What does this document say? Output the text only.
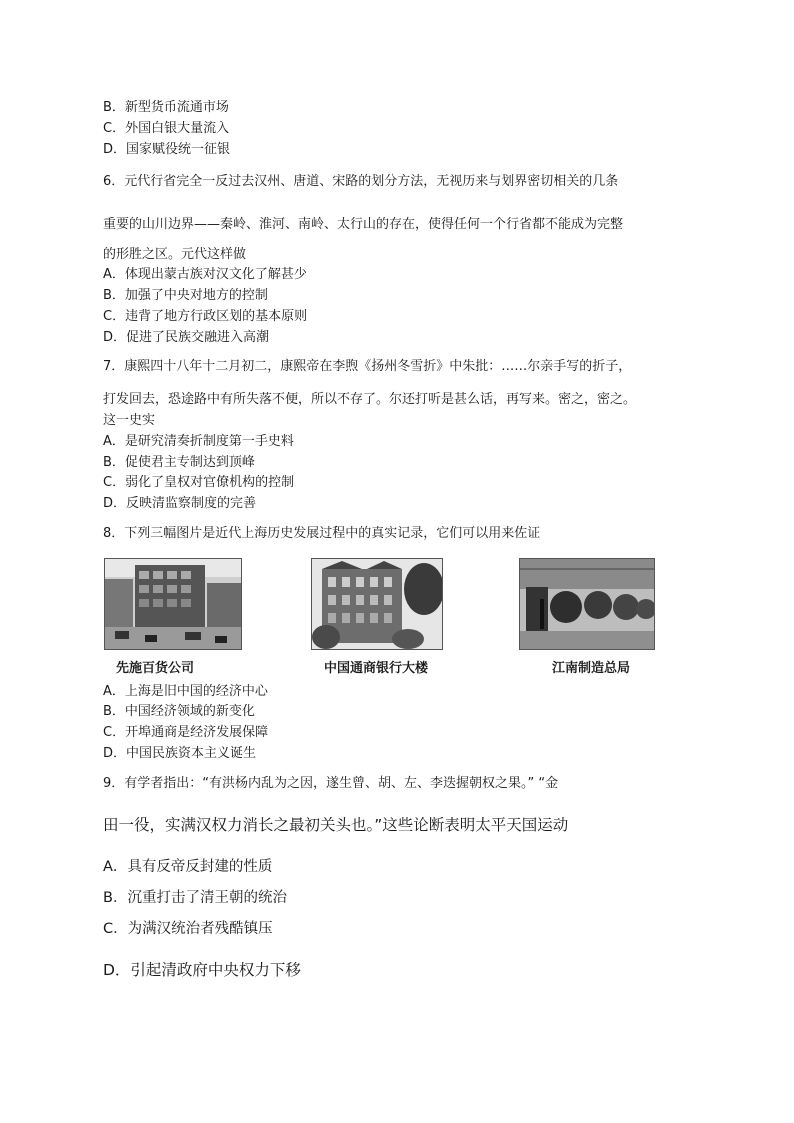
B．新型货币流通市场
C．外国白银大量流入
D．国家赋役统一征银
6．元代行省完全一反过去汉州、唐道、宋路的划分方法，无视历来与划界密切相关的几条
重要的山川边界——秦岭、淮河、南岭、太行山的存在，使得任何一个行省都不能成为完整
的形胜之区。元代这样做
A．体现出蒙古族对汉文化了解甚少
B．加强了中央对地方的控制
C．违背了地方行政区划的基本原则
D．促进了民族交融进入高潮
7．康熙四十八年十二月初二，康熙帝在李煦《扬州冬雪折》中朱批：……尔亲手写的折子，
打发回去，恐途路中有所失落不便，所以不存了。尔还打听是甚么话，再写来。密之，密之。
这一史实
A．是研究清奏折制度第一手史料
B．促使君主专制达到顶峰
C．弱化了皇权对官僚机构的控制
D．反映清监察制度的完善
8．下列三幅图片是近代上海历史发展过程中的真实记录，它们可以用来佐证
先施百货公司	中国通商银行大楼	江南制造总局
A．上海是旧中国的经济中心
B．中国经济领域的新变化
C．开埠通商是经济发展保障
D．中国民族资本主义诞生
9．有学者指出：“有洪杨内乱为之因，遂生曾、胡、左、李迭握朝权之果。” “金
田一役，实满汉权力消长之最初关头也。”这些论断表明太平天国运动
A．具有反帝反封建的性质
B．沉重打击了清王朝的统治
C．为满汉统治者残酷镇压
D．引起清政府中央权力下移
